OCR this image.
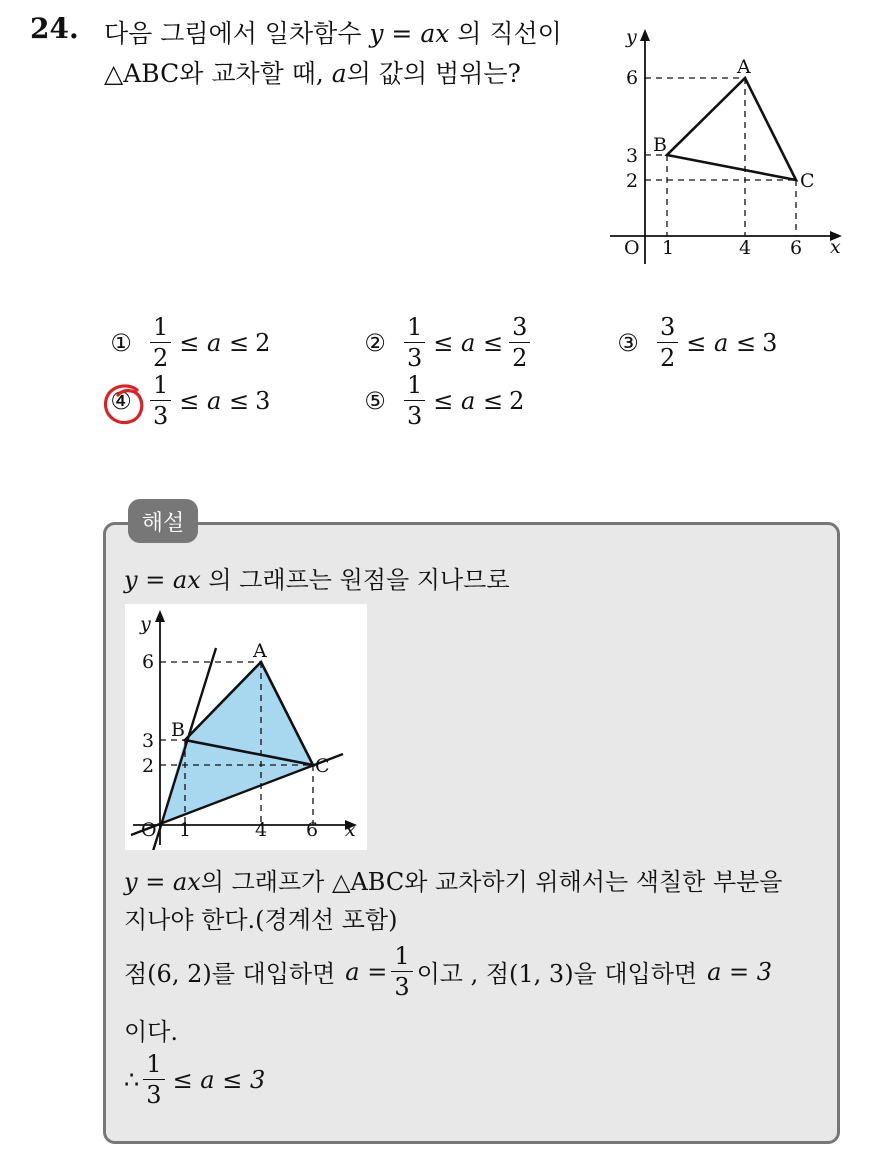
24. 다음 그림에서 일차함수 y = ax 의 직선이
△ABC와 교차할 때, a의 값의 범위는?
y
x
O 1	4 6
6
3
2
A
B
C
① $\frac{1}{2} \le a \le 2$	② $\frac{1}{3} \le a \le \frac{3}{2}$	③ $\frac{3}{2} \le a \le 3$
④ $\frac{1}{3} \le a \le 3$	⑤ $\frac{1}{3} \le a \le 2$
해설
y = ax 의 그래프는 원점을 지나므로
y
x
O 1	4 6
6
3
2
A
B
C
y = ax의 그래프가 △ABC와 교차하기 위해서는 색칠한 부분을
지나야 한다.(경계선 포함)
점(6, 2)를 대입하면 $a = \frac{1}{3}$ 이고 , 점(1, 3)을 대입하면 a = 3
이다.
∴ $\frac{1}{3} \le a \le 3$
